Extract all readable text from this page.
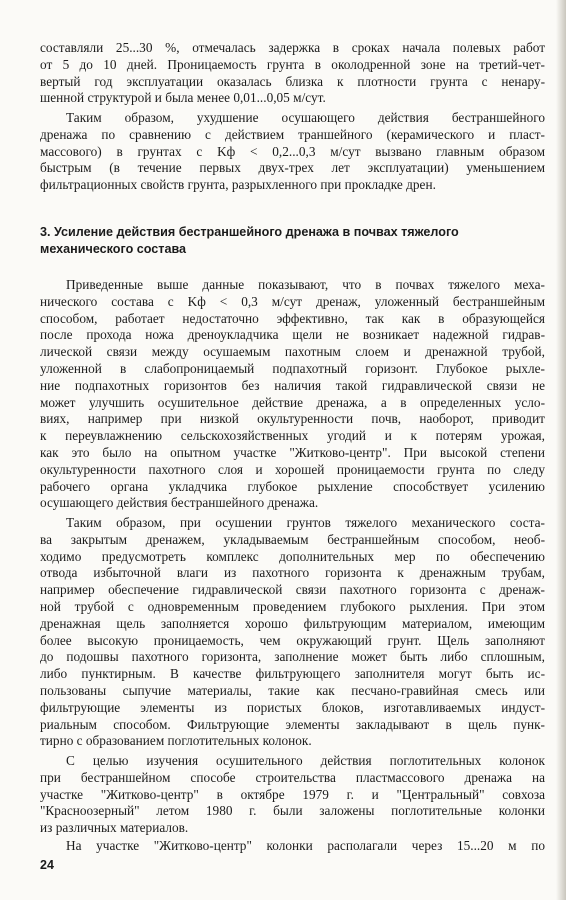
составляли 25...30 %, отмечалась задержка в сроках начала полевых работ
от 5 до 10 дней. Проницаемость грунта в околодренной зоне на третий-чет-
вертый год эксплуатации оказалась близка к плотности грунта с ненару-
шенной структурой и была менее 0,01...0,05 м/сут.
Таким образом, ухудшение осушающего действия бестраншейного
дренажа по сравнению с действием траншейного (керамического и пласт-
массового) в грунтах с Kф < 0,2...0,3 м/сут вызвано главным образом
быстрым (в течение первых двух-трех лет эксплуатации) уменьшением
фильтрационных свойств грунта, разрыхленного при прокладке дрен.
3. Усиление действия бестраншейного дренажа в почвах тяжелого
механического состава
Приведенные выше данные показывают, что в почвах тяжелого меха-
нического состава с Kф < 0,3 м/сут дренаж, уложенный бестраншейным
способом, работает недостаточно эффективно, так как в образующейся
после прохода ножа дреноукладчика щели не возникает надежной гидрав-
лической связи между осушаемым пахотным слоем и дренажной трубой,
уложенной в слабопроницаемый подпахотный горизонт. Глубокое рыхле-
ние подпахотных горизонтов без наличия такой гидравлической связи не
может улучшить осушительное действие дренажа, а в определенных усло-
виях, например при низкой окультуренности почв, наоборот, приводит
к переувлажнению сельскохозяйственных угодий и к потерям урожая,
как это было на опытном участке "Житково-центр". При высокой степени
окультуренности пахотного слоя и хорошей проницаемости грунта по следу
рабочего органа укладчика глубокое рыхление способствует усилению
осушающего действия бестраншейного дренажа.
Таким образом, при осушении грунтов тяжелого механического соста-
ва закрытым дренажем, укладываемым бестраншейным способом, необ-
ходимо предусмотреть комплекс дополнительных мер по обеспечению
отвода избыточной влаги из пахотного горизонта к дренажным трубам,
например обеспечение гидравлической связи пахотного горизонта с дренаж-
ной трубой с одновременным проведением глубокого рыхления. При этом
дренажная щель заполняется хорошо фильтрующим материалом, имеющим
более высокую проницаемость, чем окружающий грунт. Щель заполняют
до подошвы пахотного горизонта, заполнение может быть либо сплошным,
либо пунктирным. В качестве фильтрующего заполнителя могут быть ис-
пользованы сыпучие материалы, такие как песчано-гравийная смесь или
фильтрующие элементы из пористых блоков, изготавливаемых индуст-
риальным способом. Фильтрующие элементы закладывают в щель пунк-
тирно с образованием поглотительных колонок.
С целью изучения осушительного действия поглотительных колонок
при бестраншейном способе строительства пластмассового дренажа на
участке "Житково-центр" в октябре 1979 г. и "Центральный" совхоза
"Красноозерный" летом 1980 г. были заложены поглотительные колонки
из различных материалов.
На участке "Житково-центр" колонки располагали через 15...20 м по
24
